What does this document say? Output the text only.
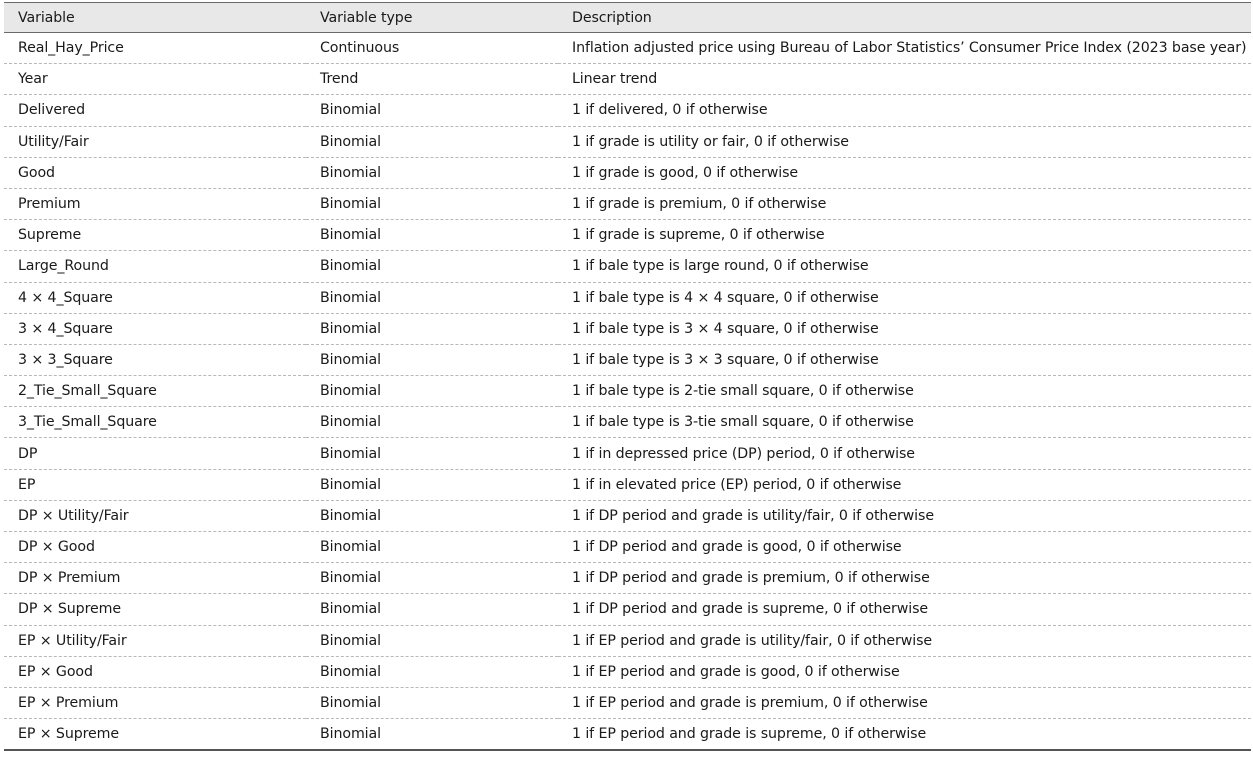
Variable	Variable type	Description
Real_Hay_Price	Continuous	Inflation adjusted price using Bureau of Labor Statistics’ Consumer Price Index (2023 base year)
Year	Trend	Linear trend
Delivered	Binomial	1 if delivered, 0 if otherwise
Utility/Fair	Binomial	1 if grade is utility or fair, 0 if otherwise
Good	Binomial	1 if grade is good, 0 if otherwise
Premium	Binomial	1 if grade is premium, 0 if otherwise
Supreme	Binomial	1 if grade is supreme, 0 if otherwise
Large_Round	Binomial	1 if bale type is large round, 0 if otherwise
4 × 4_Square	Binomial	1 if bale type is 4 × 4 square, 0 if otherwise
3 × 4_Square	Binomial	1 if bale type is 3 × 4 square, 0 if otherwise
3 × 3_Square	Binomial	1 if bale type is 3 × 3 square, 0 if otherwise
2_Tie_Small_Square	Binomial	1 if bale type is 2-tie small square, 0 if otherwise
3_Tie_Small_Square	Binomial	1 if bale type is 3-tie small square, 0 if otherwise
DP	Binomial	1 if in depressed price (DP) period, 0 if otherwise
EP	Binomial	1 if in elevated price (EP) period, 0 if otherwise
DP × Utility/Fair	Binomial	1 if DP period and grade is utility/fair, 0 if otherwise
DP × Good	Binomial	1 if DP period and grade is good, 0 if otherwise
DP × Premium	Binomial	1 if DP period and grade is premium, 0 if otherwise
DP × Supreme	Binomial	1 if DP period and grade is supreme, 0 if otherwise
EP × Utility/Fair	Binomial	1 if EP period and grade is utility/fair, 0 if otherwise
EP × Good	Binomial	1 if EP period and grade is good, 0 if otherwise
EP × Premium	Binomial	1 if EP period and grade is premium, 0 if otherwise
EP × Supreme	Binomial	1 if EP period and grade is supreme, 0 if otherwise
